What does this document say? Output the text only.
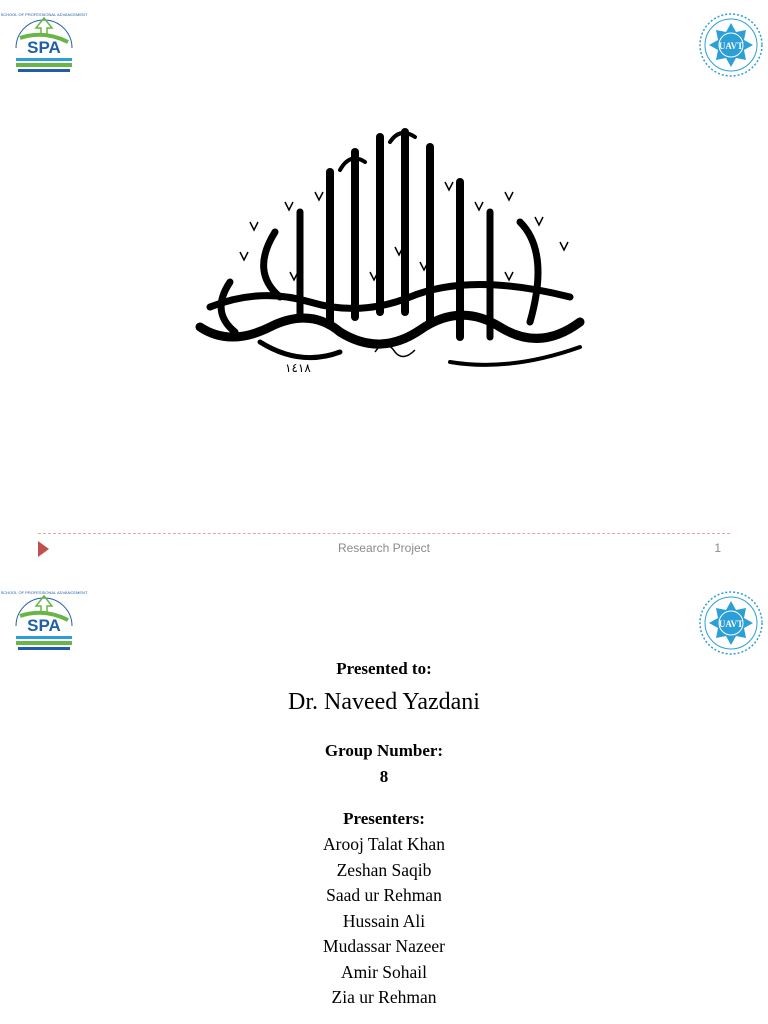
SCHOOL OF PROFESSIONAL ADVANCEMENT
SPA	UAVT
١٤١٨
Research Project	1
SCHOOL OF PROFESSIONAL ADVANCEMENT
SPA	UAVT

Presented to:

Dr. Naveed Yazdani

Group Number:

8

Presenters:

Arooj Talat Khan

Zeshan Saqib

Saad ur Rehman

Hussain Ali

Mudassar Nazeer

Amir Sohail

Zia ur Rehman
